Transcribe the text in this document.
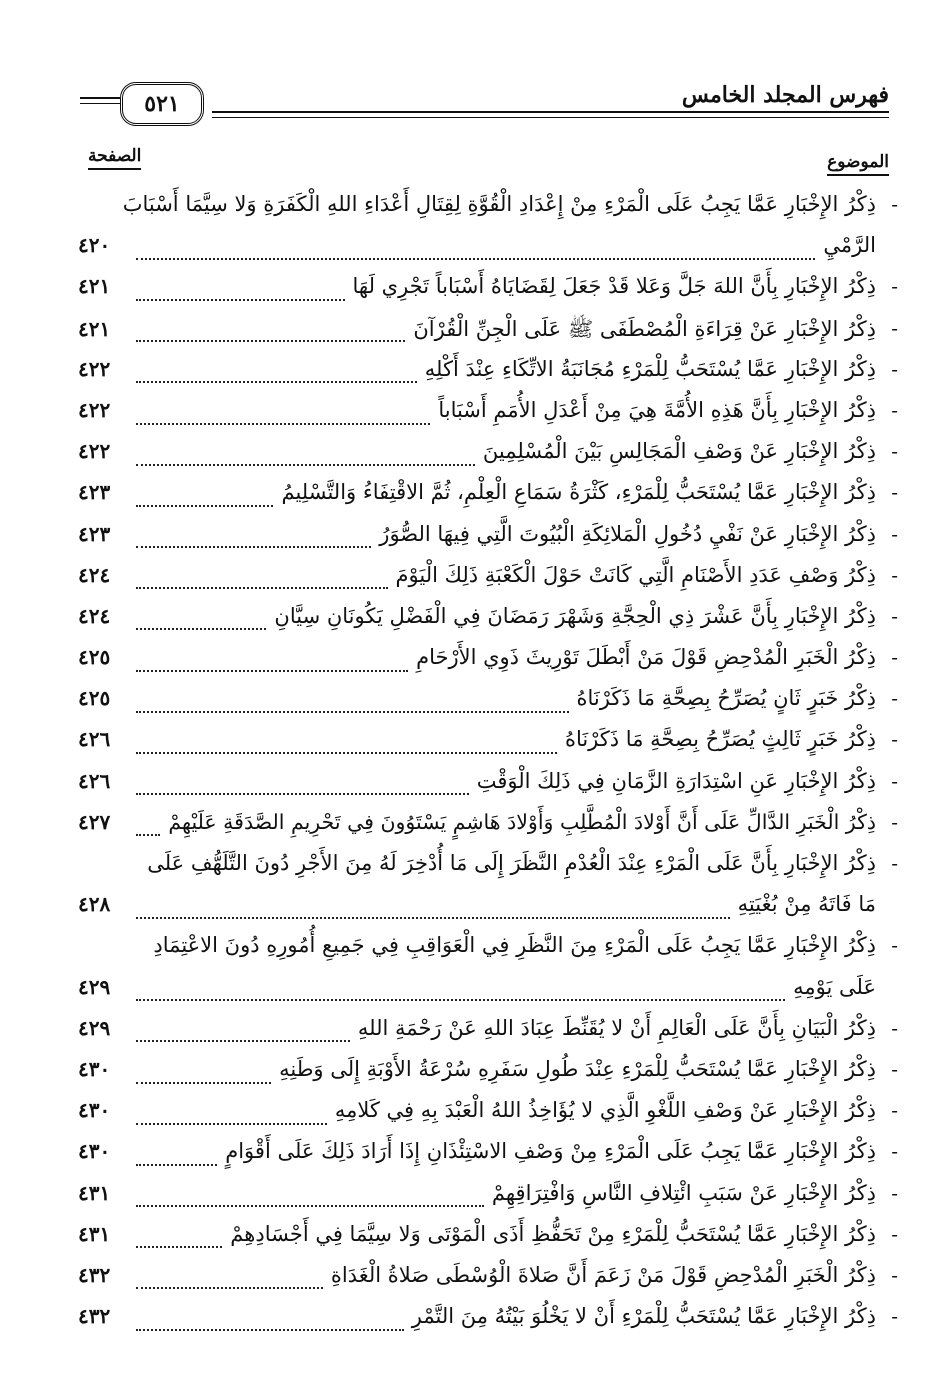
فهرس المجلد الخامس
٥٢١
الموضوع
الصفحة
-
ذِكْرُ الإِخْبَارِ عَمَّا يَجِبُ عَلَى الْمَرْءِ مِنْ إِعْدَادِ الْقُوَّةِ لِقِتَالِ أَعْدَاءِ اللهِ الْكَفَرَةِ وَلا سِيَّمَا أَسْبَابَ
الرَّمْيِ
٤٢٠
-
ذِكْرُ الإِخْبَارِ بِأَنَّ اللهَ جَلَّ وَعَلا قَدْ جَعَلَ لِقَضَايَاهُ أَسْبَاباً تَجْرِي لَهَا
٤٢١
-
ذِكْرُ الإِخْبَارِ عَنْ قِرَاءَةِ الْمُصْطَفَى ﷺ عَلَى الْجِنِّ الْقُرْآنَ
٤٢١
-
ذِكْرُ الإِخْبَارِ عَمَّا يُسْتَحَبُّ لِلْمَرْءِ مُجَانَبَةُ الاتِّكَاءِ عِنْدَ أَكْلِهِ
٤٢٢
-
ذِكْرُ الإِخْبَارِ بِأَنَّ هَذِهِ الأُمَّةَ هِيَ مِنْ أَعْدَلِ الأُمَمِ أَسْبَاباً
٤٢٢
-
ذِكْرُ الإِخْبَارِ عَنْ وَصْفِ الْمَجَالِسِ بَيْنَ الْمُسْلِمِينَ
٤٢٢
-
ذِكْرُ الإِخْبَارِ عَمَّا يُسْتَحَبُّ لِلْمَرْءِ، كَثْرَةُ سَمَاعِ الْعِلْمِ، ثُمَّ الاقْتِفَاءُ وَالتَّسْلِيمُ
٤٢٣
-
ذِكْرُ الإِخْبَارِ عَنْ نَفْيِ دُخُولِ الْمَلائِكَةِ الْبُيُوتَ الَّتِي فِيهَا الصُّوَرُ
٤٢٣
-
ذِكْرُ وَصْفِ عَدَدِ الأَصْنَامِ الَّتِي كَانَتْ حَوْلَ الْكَعْبَةِ ذَلِكَ الْيَوْمَ
٤٢٤
-
ذِكْرُ الإِخْبَارِ بِأَنَّ عَشْرَ ذِي الْحِجَّةِ وَشَهْرَ رَمَضَانَ فِي الْفَضْلِ يَكُونَانِ سِيَّانِ
٤٢٤
-
ذِكْرُ الْخَبَرِ الْمُدْحِضِ قَوْلَ مَنْ أَبْطَلَ تَوْرِيثَ ذَوِي الأَرْحَامِ
٤٢٥
-
ذِكْرُ خَبَرٍ ثَانٍ يُصَرِّحُ بِصِحَّةِ مَا ذَكَرْنَاهُ
٤٢٥
-
ذِكْرُ خَبَرٍ ثَالِثٍ يُصَرِّحُ بِصِحَّةِ مَا ذَكَرْنَاهُ
٤٢٦
-
ذِكْرُ الإِخْبَارِ عَنِ اسْتِدَارَةِ الزَّمَانِ فِي ذَلِكَ الْوَقْتِ
٤٢٦
-
ذِكْرُ الْخَبَرِ الدَّالِّ عَلَى أَنَّ أَوْلادَ الْمُطَّلِبِ وَأَوْلادَ هَاشِمٍ يَسْتَوُونَ فِي تَحْرِيمِ الصَّدَقَةِ عَلَيْهِمْ
٤٢٧
-
ذِكْرُ الإِخْبَارِ بِأَنَّ عَلَى الْمَرْءِ عِنْدَ الْعُدْمِ النَّظَرَ إِلَى مَا أُدْخِرَ لَهُ مِنَ الأَجْرِ دُونَ التَّلَهُّفِ عَلَى
مَا فَاتَهُ مِنْ بُغْيَتِهِ
٤٢٨
-
ذِكْرُ الإِخْبَارِ عَمَّا يَجِبُ عَلَى الْمَرْءِ مِنَ النَّظَرِ فِي الْعَوَاقِبِ فِي جَمِيعِ أُمُورِهِ دُونَ الاعْتِمَادِ
عَلَى يَوْمِهِ
٤٢٩
-
ذِكْرُ الْبَيَانِ بِأَنَّ عَلَى الْعَالِمِ أَنْ لا يُقَنِّطَ عِبَادَ اللهِ عَنْ رَحْمَةِ اللهِ
٤٢٩
-
ذِكْرُ الإِخْبَارِ عَمَّا يُسْتَحَبُّ لِلْمَرْءِ عِنْدَ طُولِ سَفَرِهِ سُرْعَةُ الأَوْبَةِ إِلَى وَطَنِهِ
٤٣٠
-
ذِكْرُ الإِخْبَارِ عَنْ وَصْفِ اللَّغْوِ الَّذِي لا يُؤَاخِذُ اللهُ الْعَبْدَ بِهِ فِي كَلامِهِ
٤٣٠
-
ذِكْرُ الإِخْبَارِ عَمَّا يَجِبُ عَلَى الْمَرْءِ مِنْ وَصْفِ الاسْتِئْذَانِ إِذَا أَرَادَ ذَلِكَ عَلَى أَقْوَامٍ
٤٣٠
-
ذِكْرُ الإِخْبَارِ عَنْ سَبَبِ ائْتِلافِ النَّاسِ وَافْتِرَاقِهِمْ
٤٣١
-
ذِكْرُ الإِخْبَارِ عَمَّا يُسْتَحَبُّ لِلْمَرْءِ مِنْ تَحَفُّظِ أَذَى الْمَوْتَى وَلا سِيَّمَا فِي أَجْسَادِهِمْ
٤٣١
-
ذِكْرُ الْخَبَرِ الْمُدْحِضِ قَوْلَ مَنْ زَعَمَ أَنَّ صَلاةَ الْوُسْطَى صَلاةُ الْغَدَاةِ
٤٣٢
-
ذِكْرُ الإِخْبَارِ عَمَّا يُسْتَحَبُّ لِلْمَرْءِ أَنْ لا يَخْلُوَ بَيْتُهُ مِنَ التَّمْرِ
٤٣٢
